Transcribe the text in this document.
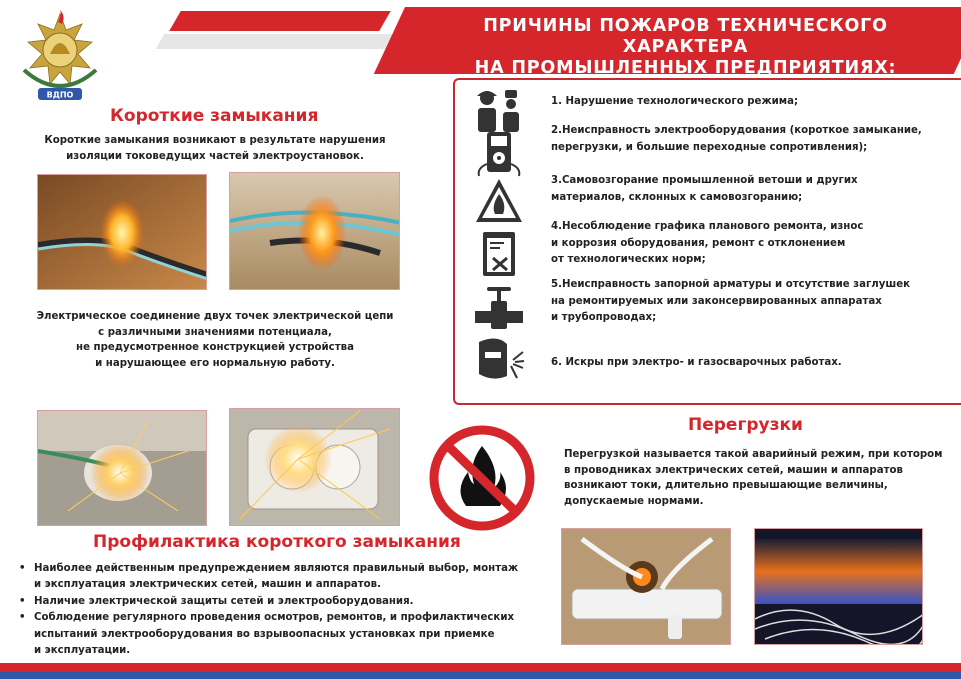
ПРИЧИНЫ ПОЖАРОВ ТЕХНИЧЕСКОГО ХАРАКТЕРА
НА ПРОМЫШЛЕННЫХ ПРЕДПРИЯТИЯХ:
ВДПО
Короткие замыкания
Короткие замыкания возникают в результате нарушения
изоляции токоведущих частей электроустановок.
Электрическое соединение двух точек электрической цепи
с различными значениями потенциала,
не предусмотренное конструкцией устройства
и нарушающее его нормальную работу.
1. Нарушение технологического режима;
2.Неисправность электрооборудования (короткое замыкание,
перегрузки, и большие переходные сопротивления);
3.Самовозгорание промышленной ветоши и других
материалов, склонных к самовозгоранию;
4.Несоблюдение графика планового ремонта, износ
и коррозия оборудования, ремонт с отклонением
от технологических норм;
5.Неисправность запорной арматуры и отсутствие заглушек
на ремонтируемых или законсервированных аппаратах
и трубопроводах;
6. Искры при электро- и газосварочных работах.
Перегрузки
Перегрузкой называется такой аварийный режим, при котором
в проводниках электрических сетей, машин и аппаратов
возникают токи, длительно превышающие величины,
допускаемые нормами.
Профилактика короткого замыкания
• Наиболее действенным предупреждением являются правильный выбор, монтаж
и эксплуатация электрических сетей, машин и аппаратов.
• Наличие электрической защиты сетей и электрооборудования.
• Соблюдение регулярного проведения осмотров, ремонтов, и профилактических
испытаний электрооборудования во взрывоопасных установках при приемке
и эксплуатации.
